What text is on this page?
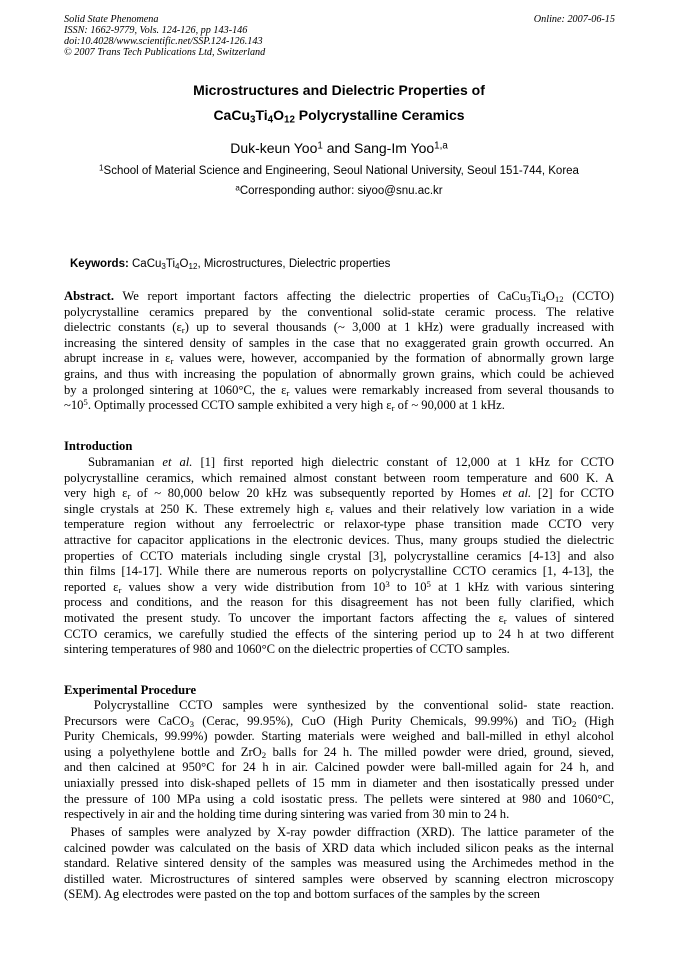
Solid State Phenomena
ISSN: 1662-9779, Vols. 124-126, pp 143-146
doi:10.4028/www.scientific.net/SSP.124-126.143
© 2007 Trans Tech Publications Ltd, Switzerland
Online: 2007-06-15
Microstructures and Dielectric Properties of
$CaCu_3Ti_4O_{12}$ Polycrystalline Ceramics
Duk-keun Yoo$^1$ and Sang-Im Yoo$^{1,a}$
$^1$School of Material Science and Engineering, Seoul National University, Seoul 151-744, Korea
$^a$Corresponding author: siyoo@snu.ac.kr
Keywords: $CaCu_3Ti_4O_{12}$, Microstructures, Dielectric properties
Abstract. We report important factors affecting the dielectric properties of $CaCu_3Ti_4O_{12}$ (CCTO)
polycrystalline ceramics prepared by the conventional solid-state ceramic process. The relative
dielectric constants $(\varepsilon_r)$ up to several thousands (~ 3,000 at 1 kHz) were gradually increased with
increasing the sintered density of samples in the case that no exaggerated grain growth occurred. An
abrupt increase in $\varepsilon_r$ values were, however, accompanied by the formation of abnormally grown large
grains, and thus with increasing the population of abnormally grown grains, which could be achieved
by a prolonged sintering at 1060°C, the $\varepsilon_r$ values were remarkably increased from several thousands to
$\sim 10^5$. Optimally processed CCTO sample exhibited a very high $\varepsilon_r$ of ~ 90,000 at 1 kHz.
Introduction
Subramanian et al. [1] first reported high dielectric constant of 12,000 at 1 kHz for CCTO
polycrystalline ceramics, which remained almost constant between room temperature and 600 K. A
very high $\varepsilon_r$ of ~ 80,000 below 20 kHz was subsequently reported by Homes et al. [2] for CCTO
single crystals at 250 K. These extremely high $\varepsilon_r$ values and their relatively low variation in a wide
temperature region without any ferroelectric or relaxor-type phase transition made CCTO very
attractive for capacitor applications in the electronic devices. Thus, many groups studied the dielectric
properties of CCTO materials including single crystal [3], polycrystalline ceramics [4-13] and also
thin films [14-17]. While there are numerous reports on polycrystalline CCTO ceramics [1, 4-13], the
reported $\varepsilon_r$ values show a very wide distribution from $10^3$ to $10^5$ at 1 kHz with various sintering
process and conditions, and the reason for this disagreement has not been fully clarified, which
motivated the present study. To uncover the important factors affecting the $\varepsilon_r$ values of sintered
CCTO ceramics, we carefully studied the effects of the sintering period up to 24 h at two different
sintering temperatures of 980 and 1060°C on the dielectric properties of CCTO samples.
Experimental Procedure
Polycrystalline CCTO samples were synthesized by the conventional solid- state reaction.
Precursors were CaCO$_3$ (Cerac, 99.95%), CuO (High Purity Chemicals, 99.99%) and TiO$_2$ (High
Purity Chemicals, 99.99%) powder. Starting materials were weighed and ball-milled in ethyl alcohol
using a polyethylene bottle and ZrO$_2$ balls for 24 h. The milled powder were dried, ground, sieved,
and then calcined at 950°C for 24 h in air. Calcined powder were ball-milled again for 24 h, and
uniaxially pressed into disk-shaped pellets of 15 mm in diameter and then isostatically pressed under
the pressure of 100 MPa using a cold isostatic press. The pellets were sintered at 980 and 1060°C,
respectively in air and the holding time during sintering was varied from 30 min to 24 h.
Phases of samples were analyzed by X-ray powder diffraction (XRD). The lattice parameter of the
calcined powder was calculated on the basis of XRD data which included silicon peaks as the internal
standard. Relative sintered density of the samples was measured using the Archimedes method in the
distilled water. Microstructures of sintered samples were observed by scanning electron microscopy
(SEM). Ag electrodes were pasted on the top and bottom surfaces of the samples by the screen
